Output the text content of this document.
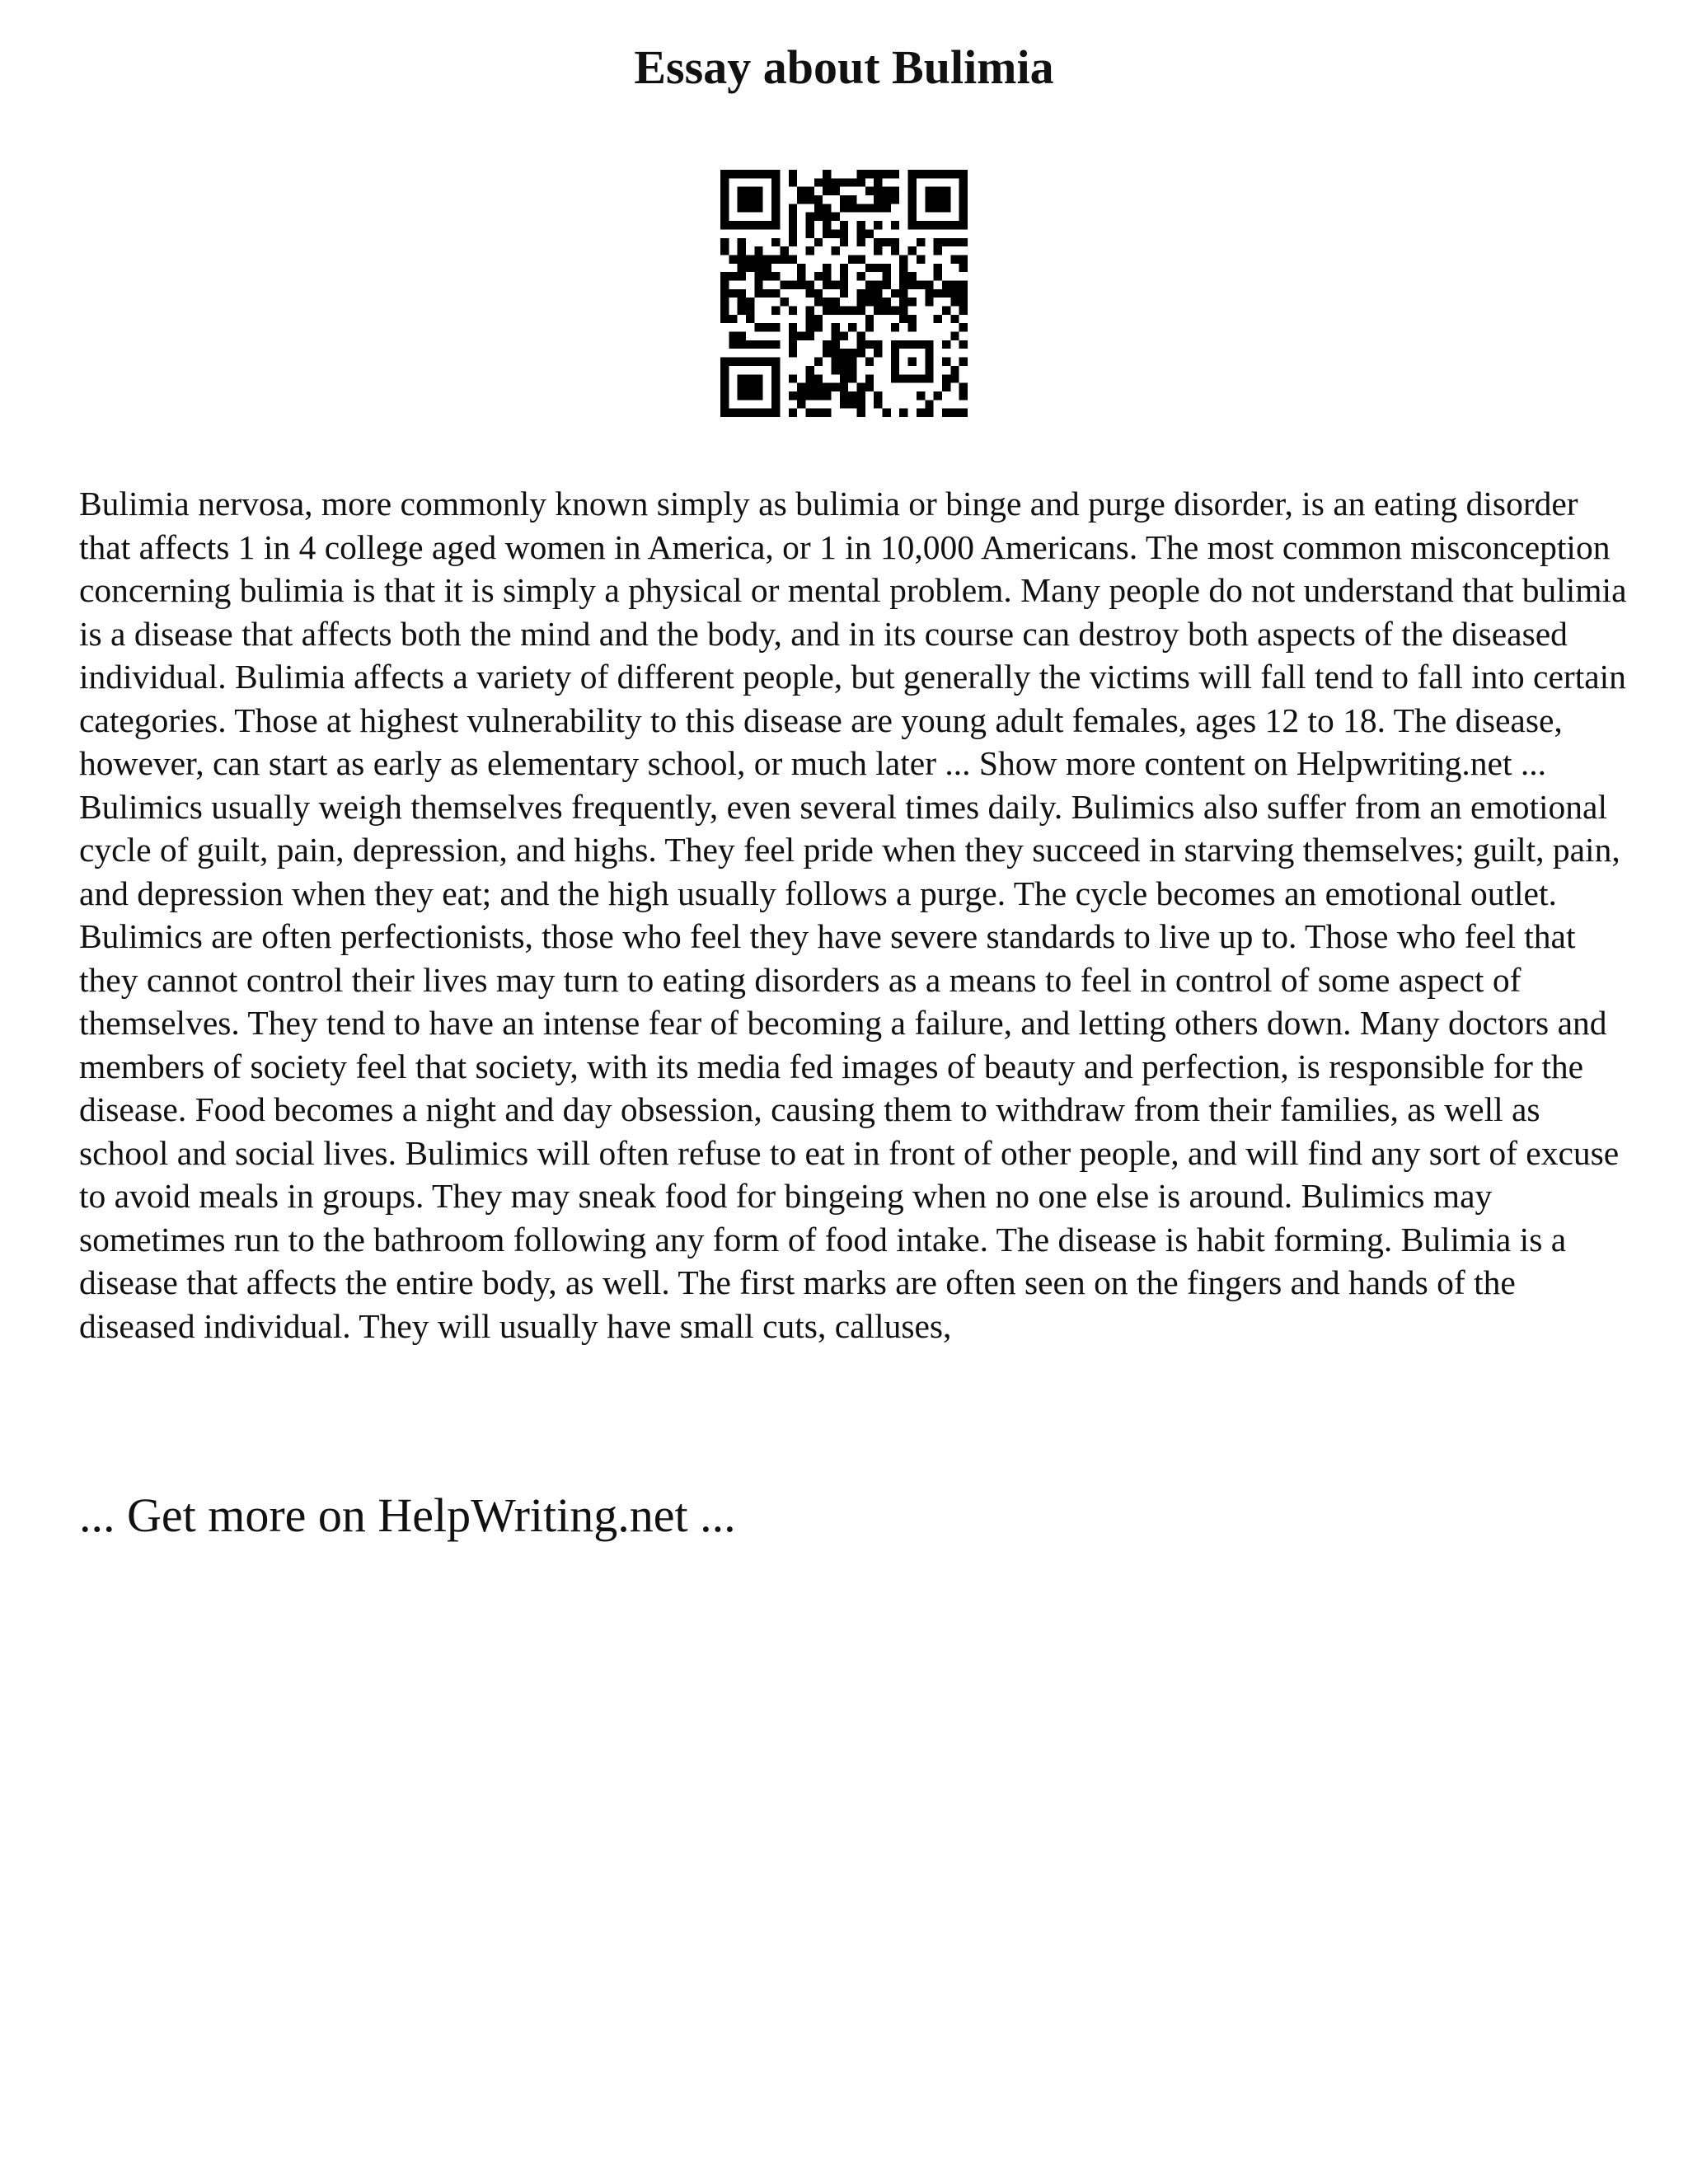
Essay about Bulimia

Bulimia nervosa, more commonly known simply as bulimia or binge and purge disorder, is an eating disorder that affects 1 in 4 college aged women in America, or 1 in 10,000 Americans. The most common misconception concerning bulimia is that it is simply a physical or mental problem. Many people do not understand that bulimia is a disease that affects both the mind and the body, and in its course can destroy both aspects of the diseased individual. Bulimia affects a variety of different people, but generally the victims will fall tend to fall into certain categories. Those at highest vulnerability to this disease are young adult females, ages 12 to 18. The disease, however, can start as early as elementary school, or much later ... Show more content on Helpwriting.net ...

Bulimics usually weigh themselves frequently, even several times daily. Bulimics also suffer from an emotional cycle of guilt, pain, depression, and highs. They feel pride when they succeed in starving themselves; guilt, pain, and depression when they eat; and the high usually follows a purge. The cycle becomes an emotional outlet. Bulimics are often perfectionists, those who feel they have severe standards to live up to. Those who feel that they cannot control their lives may turn to eating disorders as a means to feel in control of some aspect of themselves. They tend to have an intense fear of becoming a failure, and letting others down. Many doctors and members of society feel that society, with its media fed images of beauty and perfection, is responsible for the disease. Food becomes a night and day obsession, causing them to withdraw from their families, as well as school and social lives. Bulimics will often refuse to eat in front of other people, and will find any sort of excuse to avoid meals in groups. They may sneak food for bingeing when no one else is around. Bulimics may sometimes run to the bathroom following any form of food intake. The disease is habit forming. Bulimia is a disease that affects the entire body, as well. The first marks are often seen on the fingers and hands of the diseased individual. They will usually have small cuts, calluses,

... Get more on HelpWriting.net ...
